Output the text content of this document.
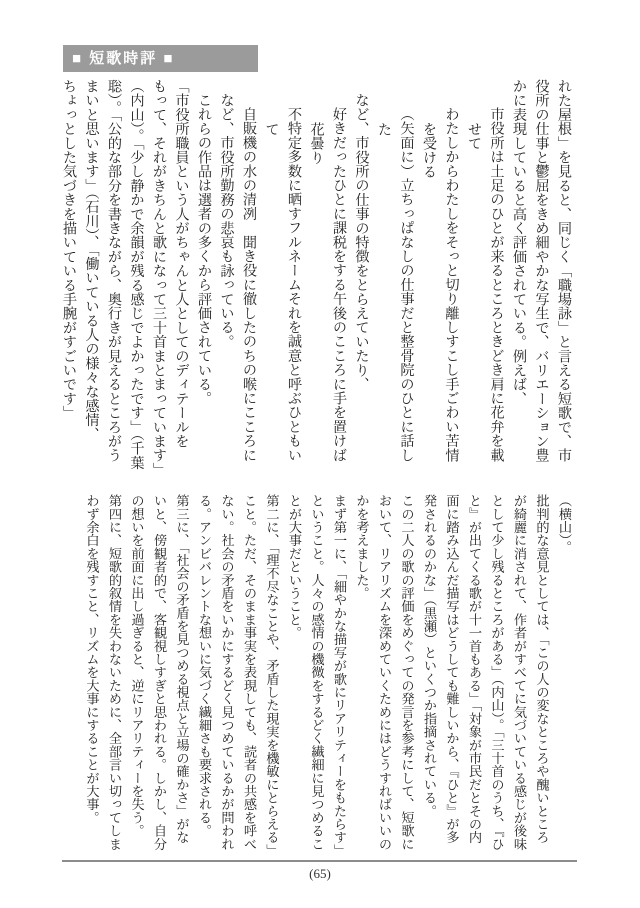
■ 短歌時評 ■

れた屋根」を見ると、同じく「職場詠」と言える短歌で、市役所の仕事と鬱屈をきめ細やかな写生で、バリエーション豊かに表現していると高く評価されている。例えば、

市役所は土足のひとが来るところときどき肩に花弁を載せて

わたしからわたしをそっと切り離しすこし手ごわい苦情を受ける

（矢面に）立ちっぱなしの仕事だと整骨院のひとに話した

など、市役所の仕事の特徴をとらえていたり、

好きだったひとに課税をする午後のこころに手を置けば花曇り

不特定多数に晒すフルネームそれを誠意と呼ぶひともいて

自販機の水の清冽　聞き役に徹したのちの喉にこころに

など、市役所勤務の悲哀も詠っている。

これらの作品は選者の多くから評価されている。

「市役所職員という人がちゃんと人としてのディテールをもって、それがきちんと歌になって三十首まとまっています」（内山）。「少し静かで余韻が残る感じでよかったです」（千葉聡）。「公的な部分を書きながら、奥行きが見えるところがうまいと思います」（石川）、「働いている人の様々な感情、ちょっとした気づきを描いている手腕がすごいです」

（横山）。

批判的な意見としては、「この人の変なところや醜いところが綺麗に消されて、作者がすべてに気づいている感じが後味として少し残るところがある」（内山）。「三十首のうち、『ひと』が出てくる歌が十一首もある」「対象が市民だとその内面に踏み込んだ描写はどうしても難しいから、『ひと』が多発されるのかな」（黒瀬）といくつか指摘されている。

この二人の歌の評価をめぐっての発言を参考にして、短歌において、リアリズムを深めていくためにはどうすればいいのかを考えました。

まず第一に、「細やかな描写が歌にリアリティーをもたらす」ということ。人々の感情の機微をするどく繊細に見つめることが大事だということ。

第二に、「理不尽なことや、矛盾した現実を機敏にとらえる」こと。ただ、そのまま事実を表現しても、読者の共感を呼べない。社会の矛盾をいかにするどく見つめているかが問われる。アンビバレントな想いに気づく繊細さも要求される。

第三に、「社会の矛盾を見つめる視点と立場の確かさ」がないと、傍観者的で、客観視しすぎと思われる。しかし、自分の想いを前面に出し過ぎると、逆にリアリティーを失う。

第四に、短歌的叙情を失わないために、全部言い切ってしまわず余白を残すこと、リズムを大事にすることが大事。

(65)
